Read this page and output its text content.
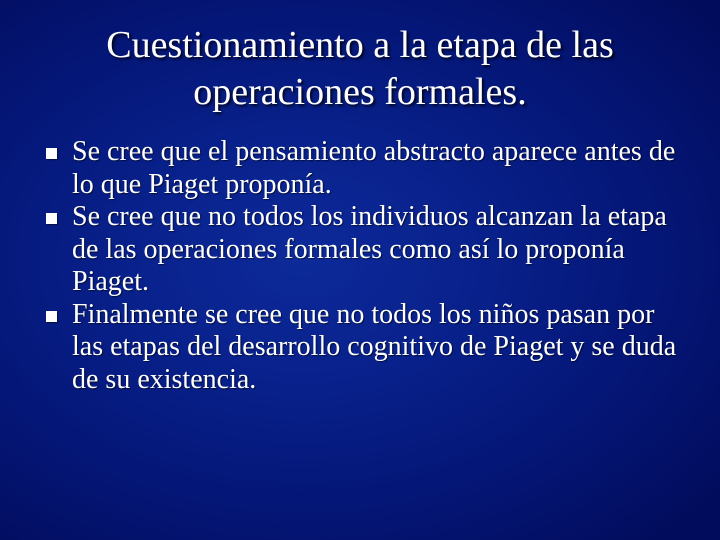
Cuestionamiento a la etapa de las operaciones formales.
Se cree que el pensamiento abstracto aparece antes de lo que Piaget proponía.
Se cree que no todos los individuos alcanzan la etapa de las operaciones formales como así lo proponía Piaget.
Finalmente se cree que no todos los niños pasan por las etapas del desarrollo cognitivo de Piaget y se duda de su existencia.
